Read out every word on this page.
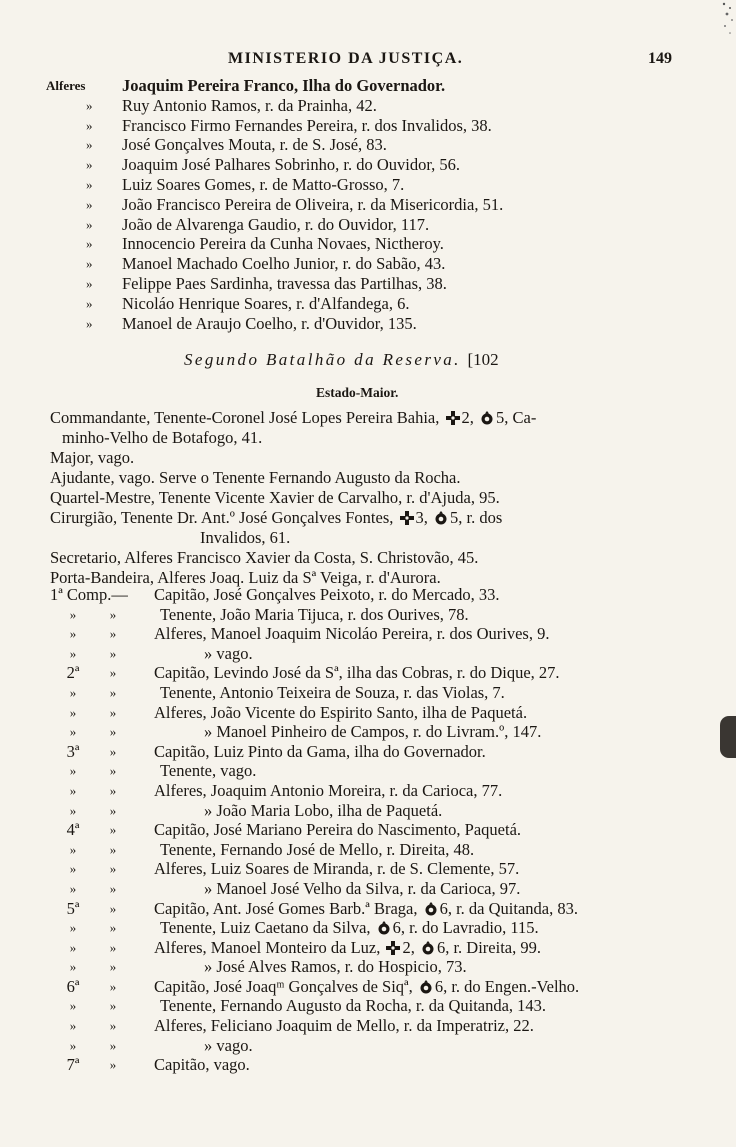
MINISTERIO DA JUSTIÇA.	149
Alferes Joaquim Pereira Franco, Ilha do Governador.
» Ruy Antonio Ramos, r. da Prainha, 42.
» Francisco Firmo Fernandes Pereira, r. dos Invalidos, 38.
» José Gonçalves Mouta, r. de S. José, 83.
» Joaquim José Palhares Sobrinho, r. do Ouvidor, 56.
» Luiz Soares Gomes, r. de Matto-Grosso, 7.
» João Francisco Pereira de Oliveira, r. da Misericordia, 51.
» João de Alvarenga Gaudio, r. do Ouvidor, 117.
» Innocencio Pereira da Cunha Novaes, Nictheroy.
» Manoel Machado Coelho Junior, r. do Sabão, 43.
» Felippe Paes Sardinha, travessa das Partilhas, 38.
» Nicoláo Henrique Soares, r. d'Alfandega, 6.
» Manoel de Araujo Coelho, r. d'Ouvidor, 135.
Segundo Batalhão da Reserva. [102
Estado-Maior.
Commandante, Tenente-Coronel José Lopes Pereira Bahia, 2, 5, Ca-
minho-Velho de Botafogo, 41.
Major, vago.
Ajudante, vago. Serve o Tenente Fernando Augusto da Rocha.
Quartel-Mestre, Tenente Vicente Xavier de Carvalho, r. d'Ajuda, 95.
Cirurgião, Tenente Dr. Ant.º José Gonçalves Fontes, 3, 5, r. dos
Invalidos, 61.
Secretario, Alferes Francisco Xavier da Costa, S. Christovão, 45.
Porta-Bandeira, Alferes Joaq. Luiz da Sª Veiga, r. d'Aurora.
1ª Comp.— Capitão, José Gonçalves Peixoto, r. do Mercado, 33.
»	»	Tenente, João Maria Tijuca, r. dos Ourives, 78.
»	»	Alferes, Manoel Joaquim Nicoláo Pereira, r. dos Ourives, 9.
»	»	» vago.
2ª	»	Capitão, Levindo José da Sª, ilha das Cobras, r. do Dique, 27.
»	»	Tenente, Antonio Teixeira de Souza, r. das Violas, 7.
»	»	Alferes, João Vicente do Espirito Santo, ilha de Paquetá.
»	»	» Manoel Pinheiro de Campos, r. do Livram.º, 147.
3ª	»	Capitão, Luiz Pinto da Gama, ilha do Governador.
»	»	Tenente, vago.
»	»	Alferes, Joaquim Antonio Moreira, r. da Carioca, 77.
»	»	» João Maria Lobo, ilha de Paquetá.
4ª	»	Capitão, José Mariano Pereira do Nascimento, Paquetá.
»	»	Tenente, Fernando José de Mello, r. Direita, 48.
»	»	Alferes, Luiz Soares de Miranda, r. de S. Clemente, 57.
»	»	» Manoel José Velho da Silva, r. da Carioca, 97.
5ª	»	Capitão, Ant. José Gomes Barb.ª Braga, 6, r. da Quitanda, 83.
»	»	Tenente, Luiz Caetano da Silva, 6, r. do Lavradio, 115.
»	»	Alferes, Manoel Monteiro da Luz, 2, 6, r. Direita, 99.
»	»	» José Alves Ramos, r. do Hospicio, 73.
6ª	»	Capitão, José Joaqᵐ Gonçalves de Siqª, 6, r. do Engen.-Velho.
»	»	Tenente, Fernando Augusto da Rocha, r. da Quitanda, 143.
»	»	Alferes, Feliciano Joaquim de Mello, r. da Imperatriz, 22.
»	»	» vago.
7ª	»	Capitão, vago.
